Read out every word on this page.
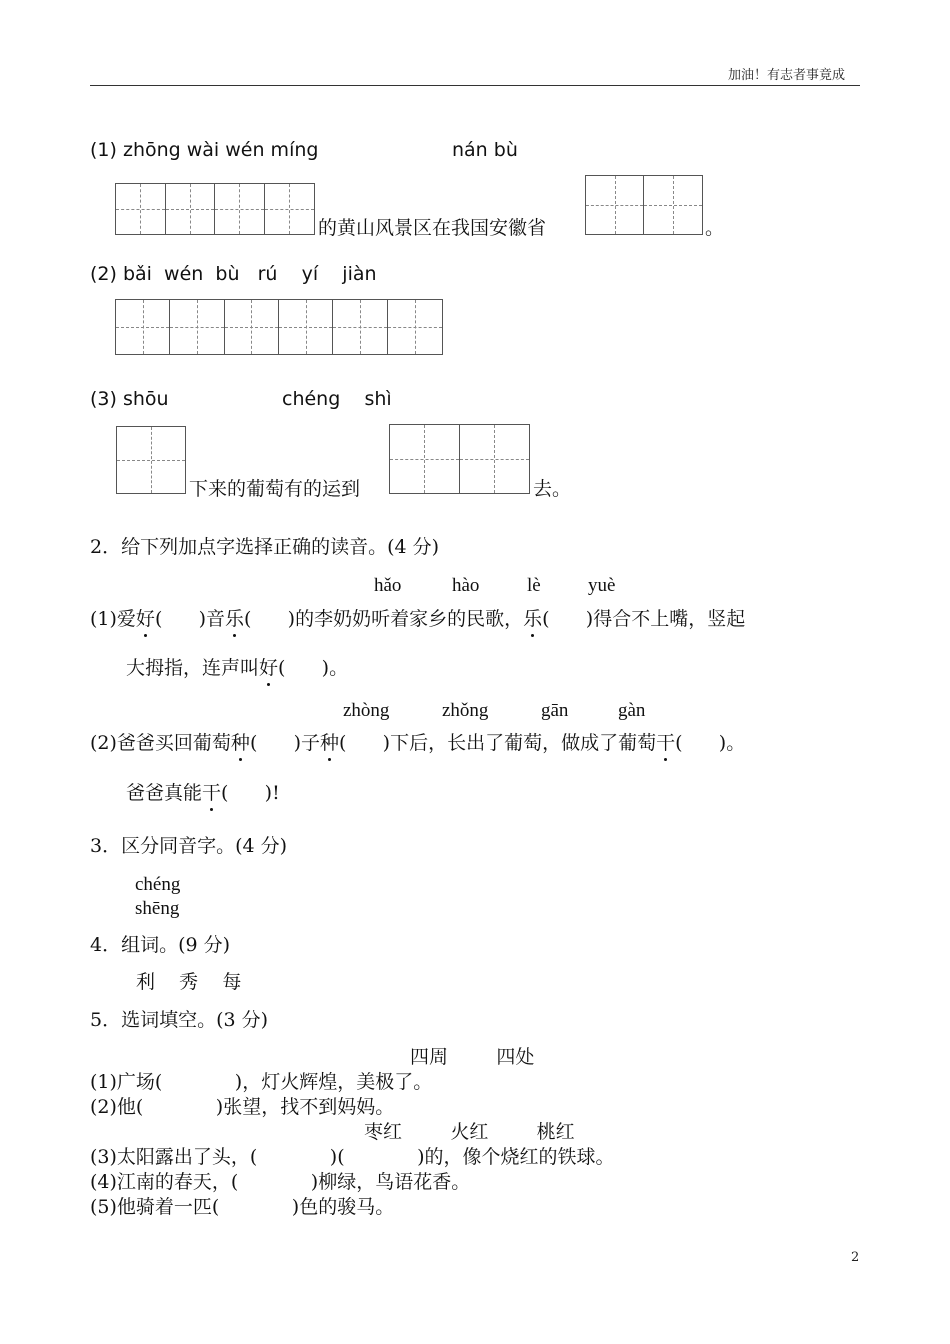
加油！有志者事竟成
(1) zhōng wài wén míng	nán bù
的黄山风景区在我国安徽省	。
(2) bǎi  wén  bù   rú    yí    jiàn
(3) shōu	chéng    shì
下来的葡萄有的运到	去。
2．给下列加点字选择正确的读音。(4 分)
hǎo	hào	lè yuè
(1)爱好(      )音乐(      )的李奶奶听着家乡的民歌，乐(      )得合不上嘴，竖起
大拇指，连声叫好(      )。
zhòng	zhǒng	gān	gàn
(2)爸爸买回葡萄种(      )子种(      )下后，长出了葡萄，做成了葡萄干(      )。
爸爸真能干(      )!
3．区分同音字。(4 分)
chéng
shēng
4．组词。(9 分)
利    秀    每
5．选词填空。(3 分)
四周        四处
(1)广场(            )，灯火辉煌，美极了。
(2)他(            )张望，找不到妈妈。
枣红        火红        桃红
(3)太阳露出了头，(            )(            )的，像个烧红的铁球。
(4)江南的春天，(            )柳绿，鸟语花香。
(5)他骑着一匹(            )色的骏马。
2
